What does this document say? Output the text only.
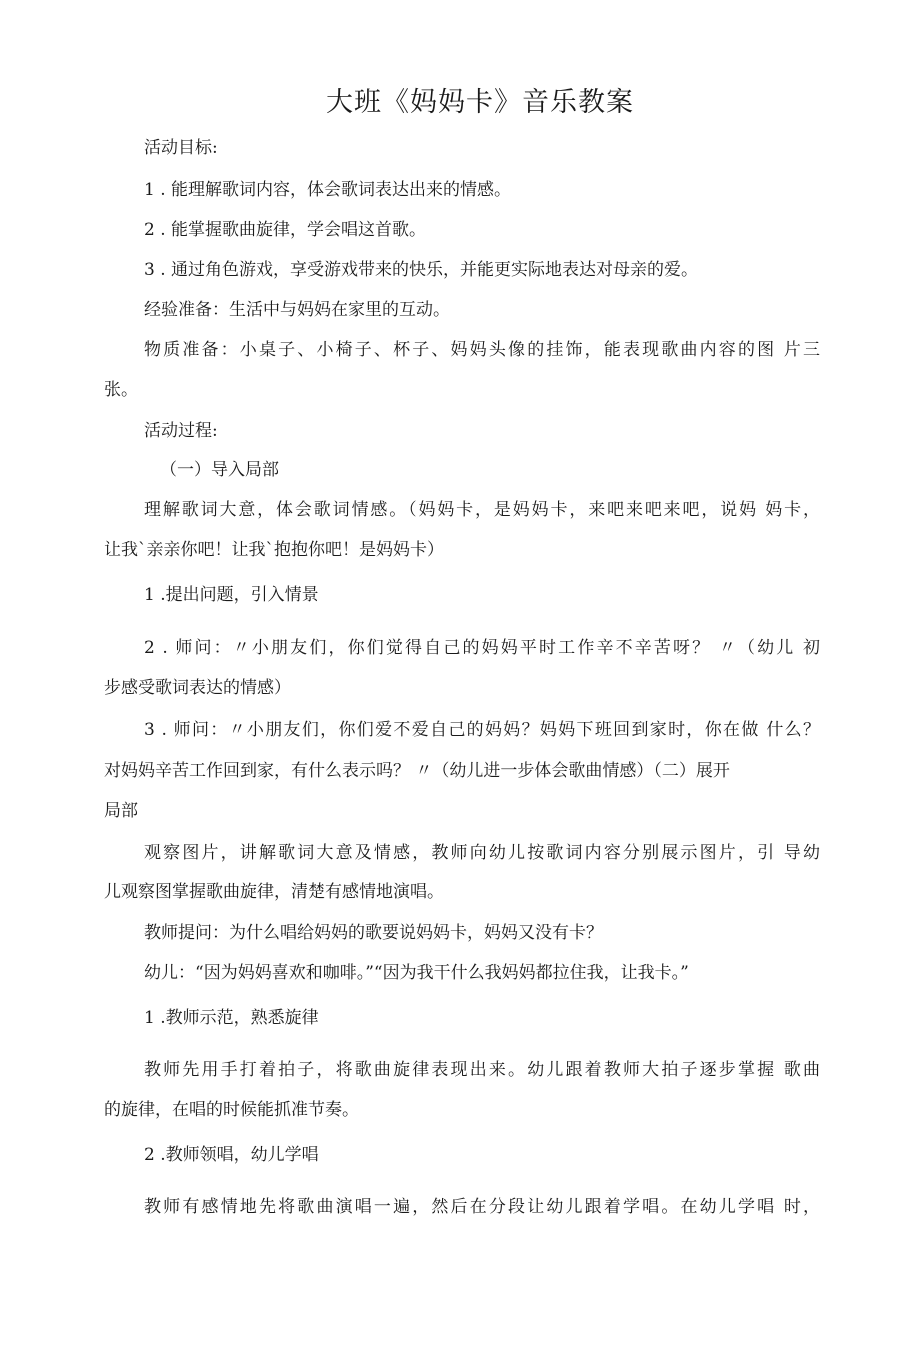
大班《妈妈卡》音乐教案
活动目标:
1 . 能理解歌词内容，体会歌词表达出来的情感。
2 . 能掌握歌曲旋律，学会唱这首歌。
3 . 通过角色游戏，享受游戏带来的快乐，并能更实际地表达对母亲的爱。
经验准备：生活中与妈妈在家里的互动。
物质准备：小桌子、小椅子、杯子、妈妈头像的挂饰，能表现歌曲内容的图 片三
张。
活动过程:
（一）导入局部
理解歌词大意，体会歌词情感。（妈妈卡，是妈妈卡，来吧来吧来吧，说妈 妈卡，
让我`亲亲你吧！让我`抱抱你吧！是妈妈卡）
1 .提出问题，引入情景
2 . 师问：〃小朋友们，你们觉得自己的妈妈平时工作辛不辛苦呀？ 〃（幼儿 初
步感受歌词表达的情感）
3 . 师问：〃小朋友们，你们爱不爱自己的妈妈？妈妈下班回到家时，你在做 什么？
对妈妈辛苦工作回到家，有什么表示吗？ 〃（幼儿进一步体会歌曲情感）（二）展开
局部
观察图片，讲解歌词大意及情感，教师向幼儿按歌词内容分别展示图片，引 导幼
儿观察图掌握歌曲旋律，清楚有感情地演唱。
教师提问：为什么唱给妈妈的歌要说妈妈卡，妈妈又没有卡？
幼儿：“因为妈妈喜欢和咖啡。”“因为我干什么我妈妈都拉住我，让我卡。”
1 .教师示范，熟悉旋律
教师先用手打着拍子，将歌曲旋律表现出来。幼儿跟着教师大拍子逐步掌握 歌曲
的旋律，在唱的时候能抓准节奏。
2 .教师领唱，幼儿学唱
教师有感情地先将歌曲演唱一遍，然后在分段让幼儿跟着学唱。在幼儿学唱 时，
